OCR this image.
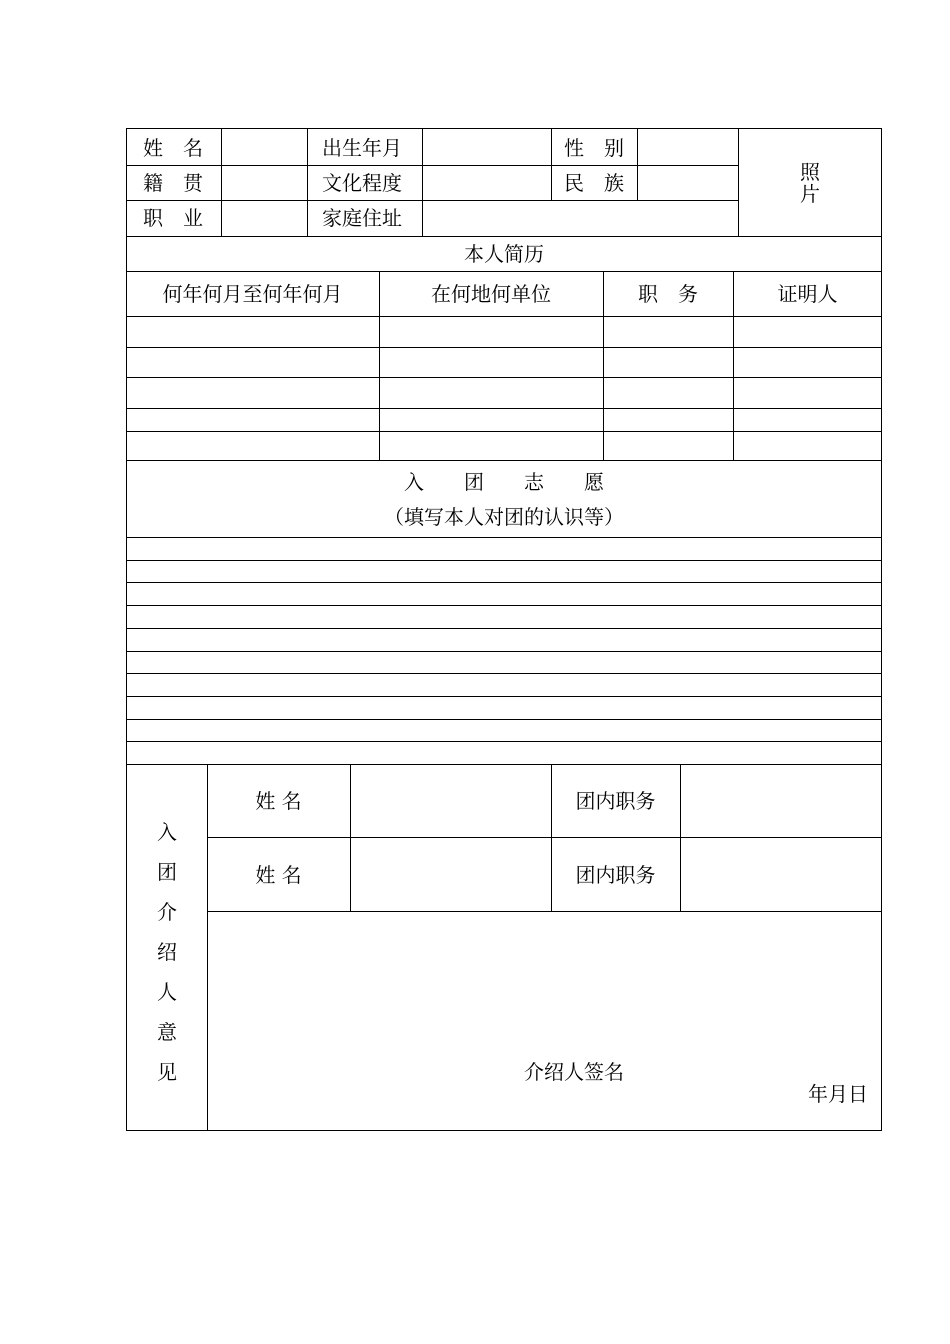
姓　名	出生年月	性　别
籍　贯	文化程度	民　族
职　业	家庭住址
照
片
本人简历
何年何月至何年何月	在何地何单位	职　务	证明人
入　　团　　志　　愿
（填写本人对团的认识等）
入
团
介
绍
人
意
见
姓 名	团内职务
姓 名	团内职务
介绍人签名
年月日
